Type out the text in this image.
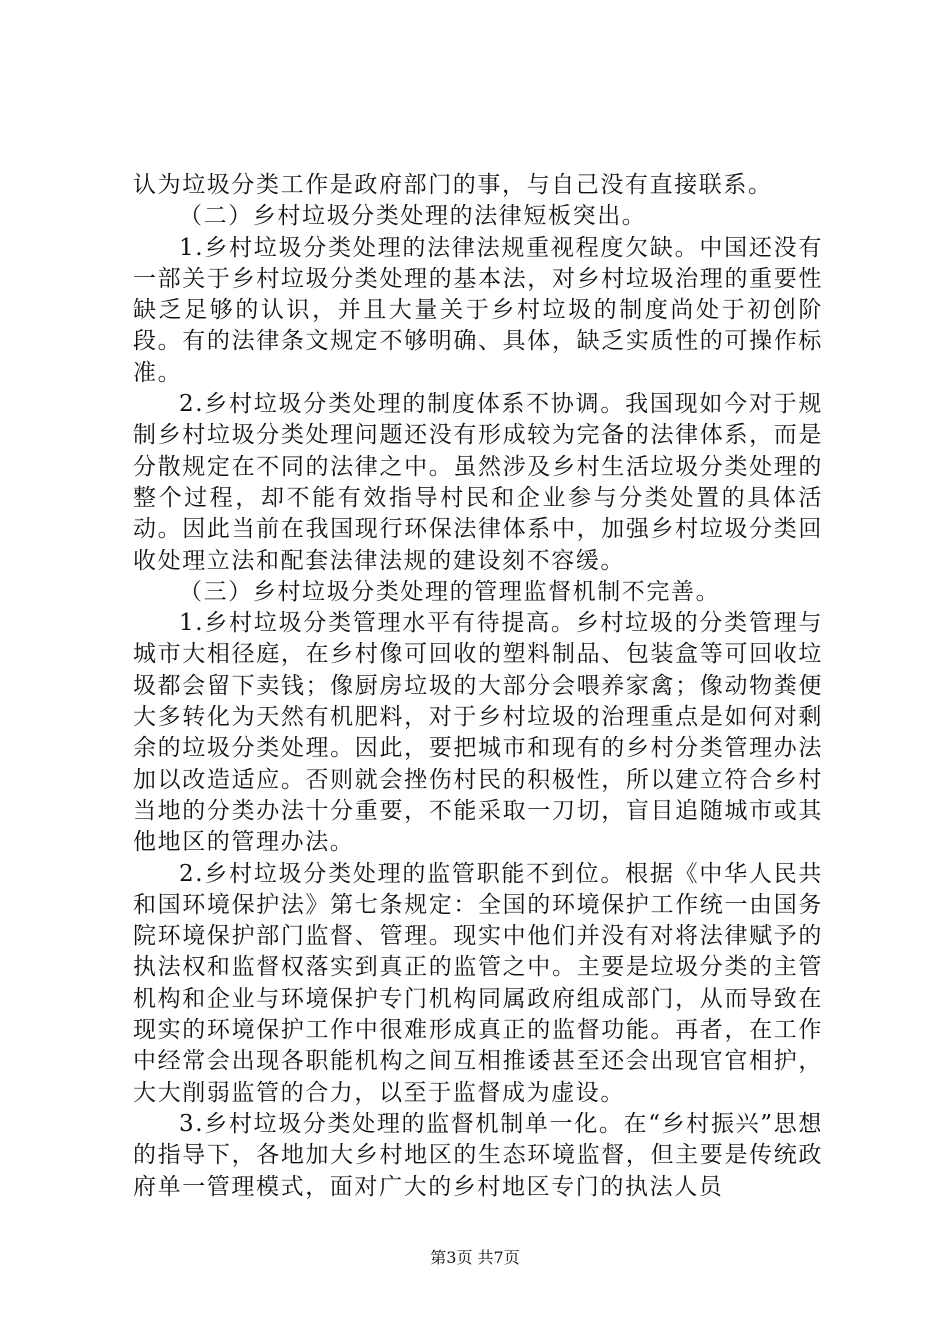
认为垃圾分类工作是政府部门的事，与自己没有直接联系。

（二）乡村垃圾分类处理的法律短板突出。

1.乡村垃圾分类处理的法律法规重视程度欠缺。中国还没有一部关于乡村垃圾分类处理的基本法，对乡村垃圾治理的重要性缺乏足够的认识，并且大量关于乡村垃圾的制度尚处于初创阶段。有的法律条文规定不够明确、具体，缺乏实质性的可操作标准。

2.乡村垃圾分类处理的制度体系不协调。我国现如今对于规制乡村垃圾分类处理问题还没有形成较为完备的法律体系，而是分散规定在不同的法律之中。虽然涉及乡村生活垃圾分类处理的整个过程，却不能有效指导村民和企业参与分类处置的具体活动。因此当前在我国现行环保法律体系中，加强乡村垃圾分类回收处理立法和配套法律法规的建设刻不容缓。

（三）乡村垃圾分类处理的管理监督机制不完善。

1.乡村垃圾分类管理水平有待提高。乡村垃圾的分类管理与城市大相径庭，在乡村像可回收的塑料制品、包装盒等可回收垃圾都会留下卖钱；像厨房垃圾的大部分会喂养家禽；像动物粪便大多转化为天然有机肥料，对于乡村垃圾的治理重点是如何对剩余的垃圾分类处理。因此，要把城市和现有的乡村分类管理办法加以改造适应。否则就会挫伤村民的积极性，所以建立符合乡村当地的分类办法十分重要，不能采取一刀切，盲目追随城市或其他地区的管理办法。

2.乡村垃圾分类处理的监管职能不到位。根据《中华人民共和国环境保护法》第七条规定：全国的环境保护工作统一由国务院环境保护部门监督、管理。现实中他们并没有对将法律赋予的执法权和监督权落实到真正的监管之中。主要是垃圾分类的主管机构和企业与环境保护专门机构同属政府组成部门，从而导致在现实的环境保护工作中很难形成真正的监督功能。再者，在工作中经常会出现各职能机构之间互相推诿甚至还会出现官官相护，大大削弱监管的合力，以至于监督成为虚设。

3.乡村垃圾分类处理的监督机制单一化。在“乡村振兴”思想的指导下，各地加大乡村地区的生态环境监督，但主要是传统政府单一管理模式，面对广大的乡村地区专门的执法人员

第3页 共7页
